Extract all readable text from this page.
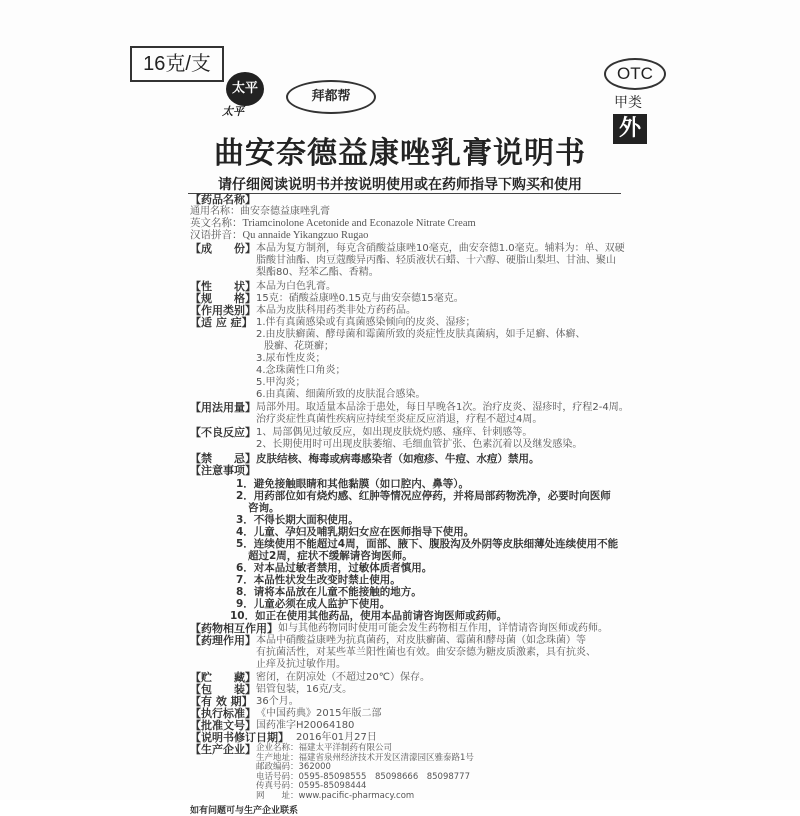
16克/支
太平
太平
拜都帮
OTC
甲类
外
曲安奈德益康唑乳膏说明书
请仔细阅读说明书并按说明使用或在药师指导下购买和使用
【药品名称】
通用名称：曲安奈德益康唑乳膏
英文名称：Triamcinolone Acetonide and Econazole Nitrate Cream
汉语拼音：Qu annaide Yikangzuo Rugao
【成　　份】 本品为复方制剂，每克含硝酸益康唑10毫克，曲安奈德1.0毫克。辅料为：单、双硬
脂酸甘油酯、肉豆蔻酸异丙酯、轻质液状石蜡、十六醇、硬脂山梨坦、甘油、聚山
梨酯80、羟苯乙酯、香精。
【性　　状】 本品为白色乳膏。
【规　　格】 15克：硝酸益康唑0.15克与曲安奈德15毫克。
【作用类别】 本品为皮肤科用药类非处方药药品。
【适 应 症】 1.伴有真菌感染或有真菌感染倾向的皮炎、湿疹；
2.由皮肤癣菌、酵母菌和霉菌所致的炎症性皮肤真菌病，如手足癣、体癣、
股癣、花斑癣；
3.尿布性皮炎；
4.念珠菌性口角炎；
5.甲沟炎；
6.由真菌、细菌所致的皮肤混合感染。
【用法用量】 局部外用。取适量本品涂于患处，每日早晚各1次。治疗皮炎、湿疹时，疗程2-4周。
治疗炎症性真菌性疾病应持续至炎症反应消退，疗程不超过4周。
【不良反应】 1、局部偶见过敏反应，如出现皮肤烧灼感、瘙痒、针刺感等。
2、长期使用时可出现皮肤萎缩、毛细血管扩张、色素沉着以及继发感染。
【禁　　忌】 皮肤结核、梅毒或病毒感染者（如疱疹、牛痘、水痘）禁用。
【注意事项】
1．避免接触眼睛和其他黏膜（如口腔内、鼻等）。
2．用药部位如有烧灼感、红肿等情况应停药，并将局部药物洗净，必要时向医师
咨询。
3．不得长期大面积使用。
4．儿童、孕妇及哺乳期妇女应在医师指导下使用。
5．连续使用不能超过4周，面部、腋下、腹股沟及外阴等皮肤细薄处连续使用不能
超过2周，症状不缓解请咨询医师。
6．对本品过敏者禁用，过敏体质者慎用。
7．本品性状发生改变时禁止使用。
8．请将本品放在儿童不能接触的地方。
9．儿童必须在成人监护下使用。
10．如正在使用其他药品，使用本品前请咨询医师或药师。
【药物相互作用】 如与其他药物同时使用可能会发生药物相互作用，详情请咨询医师或药师。
【药理作用】 本品中硝酸益康唑为抗真菌药，对皮肤癣菌、霉菌和酵母菌（如念珠菌）等
有抗菌活性，对某些革兰阳性菌也有效。曲安奈德为糖皮质激素，具有抗炎、
止痒及抗过敏作用。
【贮　　藏】 密闭，在阴凉处（不超过20℃）保存。
【包　　装】 铝管包装，16克/支。
【有 效 期】 36个月。
【执行标准】 《中国药典》2015年版二部
【批准文号】 国药准字H20064180
【说明书修订日期】 2016年01月27日
【生产企业】
如有问题可与生产企业联系
企业名称：福建太平洋制药有限公司
生产地址：福建省泉州经济技术开发区清濛园区雅泰路1号
邮政编码：362000
电话号码：0595-85098555　85098666　85098777
传真号码：0595-85098444
网　　址：www.pacific-pharmacy.com
